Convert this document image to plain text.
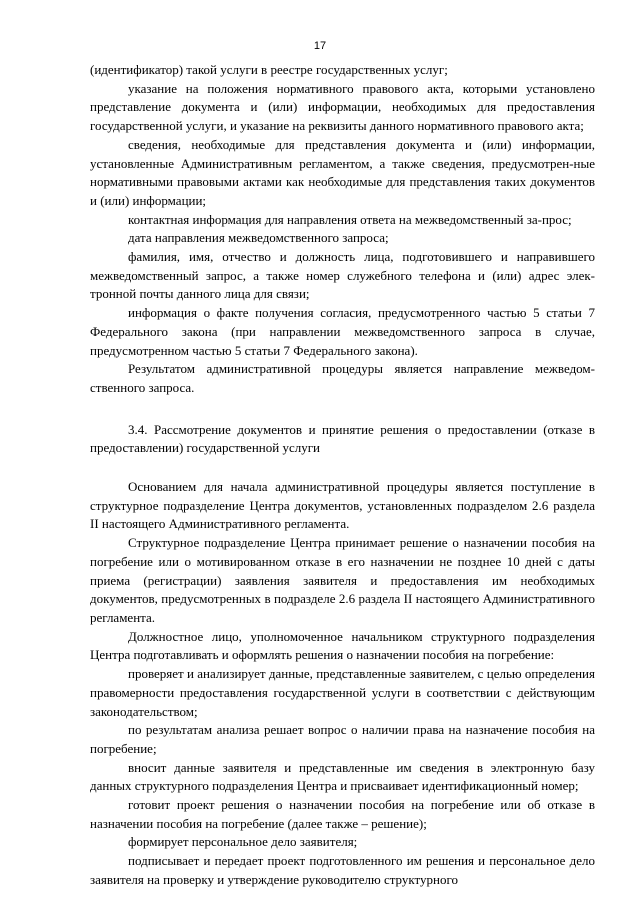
17

(идентификатор) такой услуги в реестре государственных услуг;

указание на положения нормативного правового акта, которыми установлено представление документа и (или) информации, необходимых для предоставления государственной услуги, и указание на реквизиты данного нормативного правового акта;

сведения, необходимые для представления документа и (или) информации, установленные Административным регламентом, а также сведения, предусмотрен-ные нормативными правовыми актами как необходимые для представления таких документов и (или) информации;

контактная информация для направления ответа на межведомственный за-прос;

дата направления межведомственного запроса;

фамилия, имя, отчество и должность лица, подготовившего и направившего межведомственный запрос, а также номер служебного телефона и (или) адрес элек-тронной почты данного лица для связи;

информация о факте получения согласия, предусмотренного частью 5 статьи 7 Федерального закона (при направлении межведомственного запроса в случае, предусмотренном частью 5 статьи 7 Федерального закона).

Результатом административной процедуры является направление межведом-ственного запроса.

3.4. Рассмотрение документов и принятие решения о предоставлении (отказе в предоставлении) государственной услуги

Основанием для начала административной процедуры является поступление в структурное подразделение Центра документов, установленных подразделом 2.6 раздела II настоящего Административного регламента.

Структурное подразделение Центра принимает решение о назначении пособия на погребение или о мотивированном отказе в его назначении не позднее 10 дней с даты приема (регистрации) заявления заявителя и предоставления им необходимых документов, предусмотренных в подразделе 2.6 раздела II настоящего Административного регламента.

Должностное лицо, уполномоченное начальником структурного подразделения Центра подготавливать и оформлять решения о назначении пособия на погребение:

проверяет и анализирует данные, представленные заявителем, с целью определения правомерности предоставления государственной услуги в соответствии с действующим законодательством;

по результатам анализа решает вопрос о наличии права на назначение пособия на погребение;

вносит данные заявителя и представленные им сведения в электронную базу данных структурного подразделения Центра и присваивает идентификационный номер;

готовит проект решения о назначении пособия на погребение или об отказе в назначении пособия на погребение (далее также – решение);

формирует персональное дело заявителя;

подписывает и передает проект подготовленного им решения и персональное дело заявителя на проверку и утверждение руководителю структурного
